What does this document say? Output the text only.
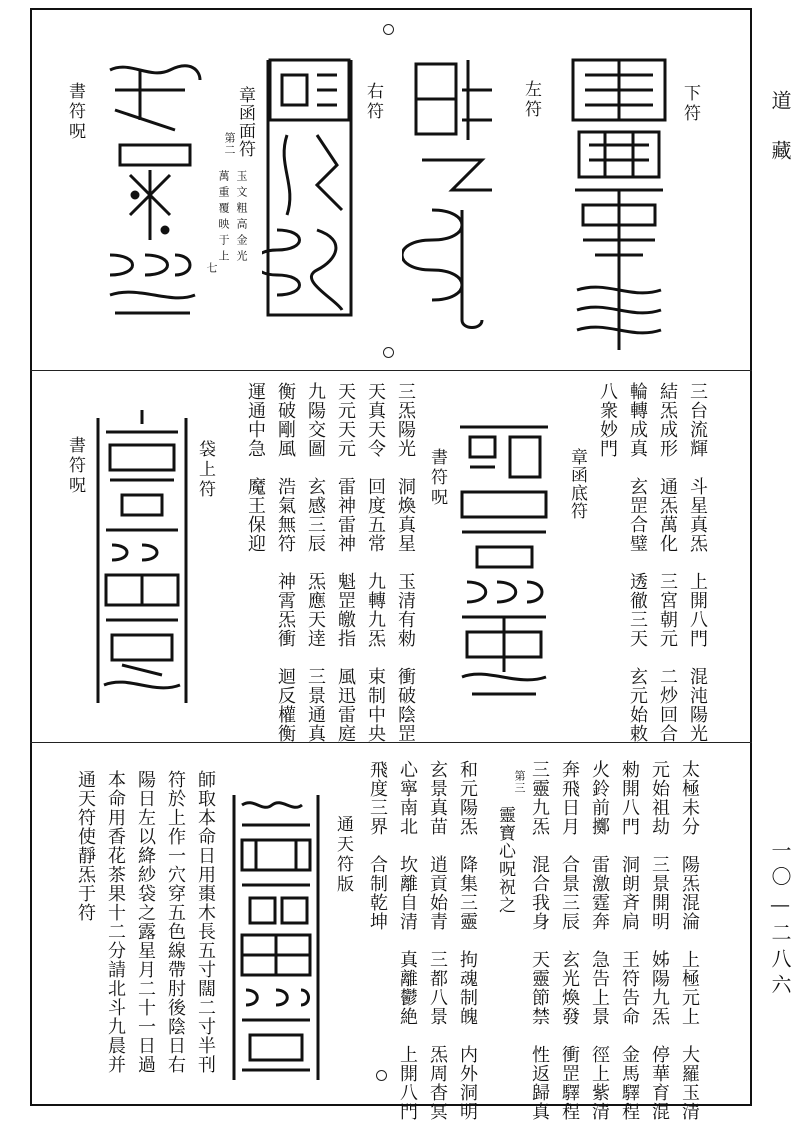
道藏
一〇—二八六
下符
左符
右符
章函面符
第二
玉文粗高金光
萬重覆映于上
七
書符呪
三台流輝　斗星真炁　上開八門　混沌陽光
結炁成形　通炁萬化　三宮朝元　二炒回合
輪轉成真　玄罡合璧　透徹三天　玄元始敕
八衆妙門
章函底符
書符呪
三炁陽光　洞煥真星　玉清有勑　衝破陰罡
天真天令　回度五常　九轉九炁　束制中央
天元天元　雷神雷神　魁罡皦指　風迅雷庭
九陽交圖　玄感三辰　炁應天逹　三景通真
衡破剛風　浩氣無符　神霄炁衝　迴反權衡
運通中急　魔王保迎
袋上符
書符呪
太極未分　陽炁混淪　上極元上　大羅玉清
元始祖劫　三景開明　姊陽九炁　停華育混
勑開八門　洞朗斉扃　王符告命　金馬驛程
火鈴前擲　雷激霆奔　急告上景　徑上紫清
奔飛日月　合景三辰　玄光煥發　衝罡驛程
三靈九炁　混合我身　天靈節禁　性返歸真
第三
靈寶心呪祝之
和元陽炁　降集三靈　拘魂制魄　内外洞明
玄景真苗　逍貢始青　三都八景　炁周杳冥
心寧南北　坎離自清　真離鬱絶　上開八門
飛度三界　合制乾坤
通天符版
師取本命日用棗木長五寸闊二寸半刊
符於上作一穴穿五色線帶肘後陰日右
陽日左以絳紗袋之露星月二十一日過
本命用香花茶果十二分請北斗九晨并
通天符使靜炁于符
